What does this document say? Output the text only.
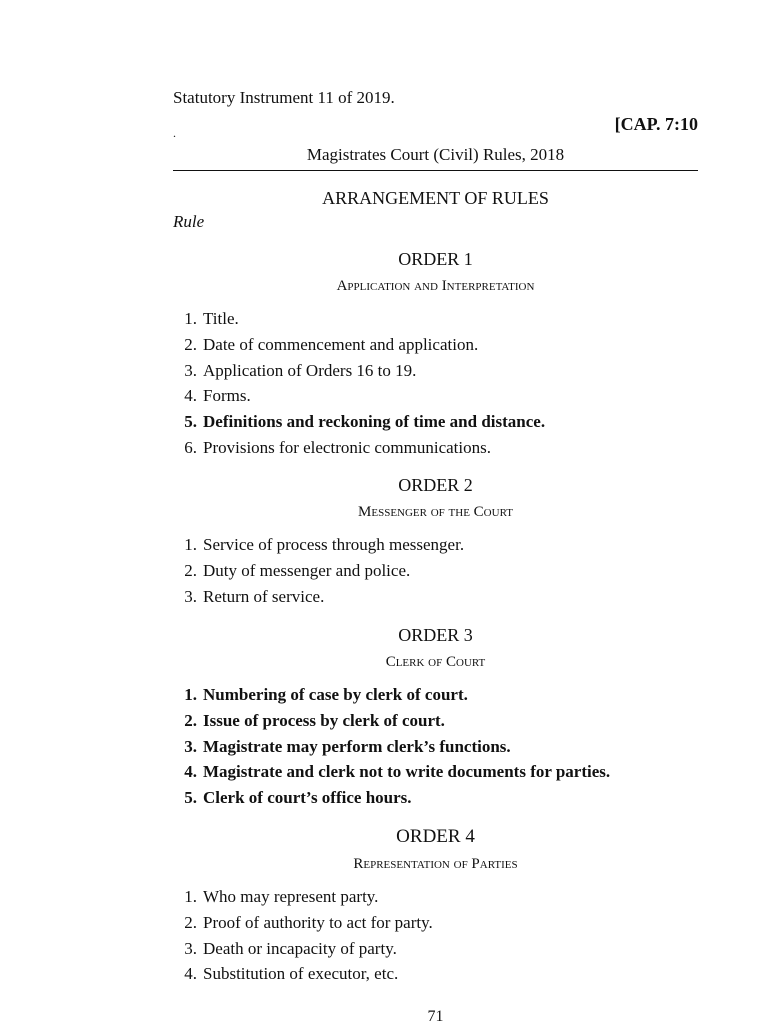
Statutory Instrument 11 of 2019.
[CAP. 7:10
.
Magistrates Court (Civil) Rules, 2018
ARRANGEMENT OF RULES
Rule
ORDER 1
Application and Interpretation
1. Title.
2. Date of commencement and application.
3. Application of Orders 16 to 19.
4. Forms.
5. Definitions and reckoning of time and distance.
6. Provisions for electronic communications.
ORDER 2
Messenger of the Court
1. Service of process through messenger.
2. Duty of messenger and police.
3. Return of service.
ORDER 3
Clerk of Court
1. Numbering of case by clerk of court.
2. Issue of process by clerk of court.
3. Magistrate may perform clerk’s functions.
4. Magistrate and clerk not to write documents for parties.
5. Clerk of court’s office hours.
ORDER 4
Representation of Parties
1. Who may represent party.
2. Proof of authority to act for party.
3. Death or incapacity of party.
4. Substitution of executor, etc.
71
